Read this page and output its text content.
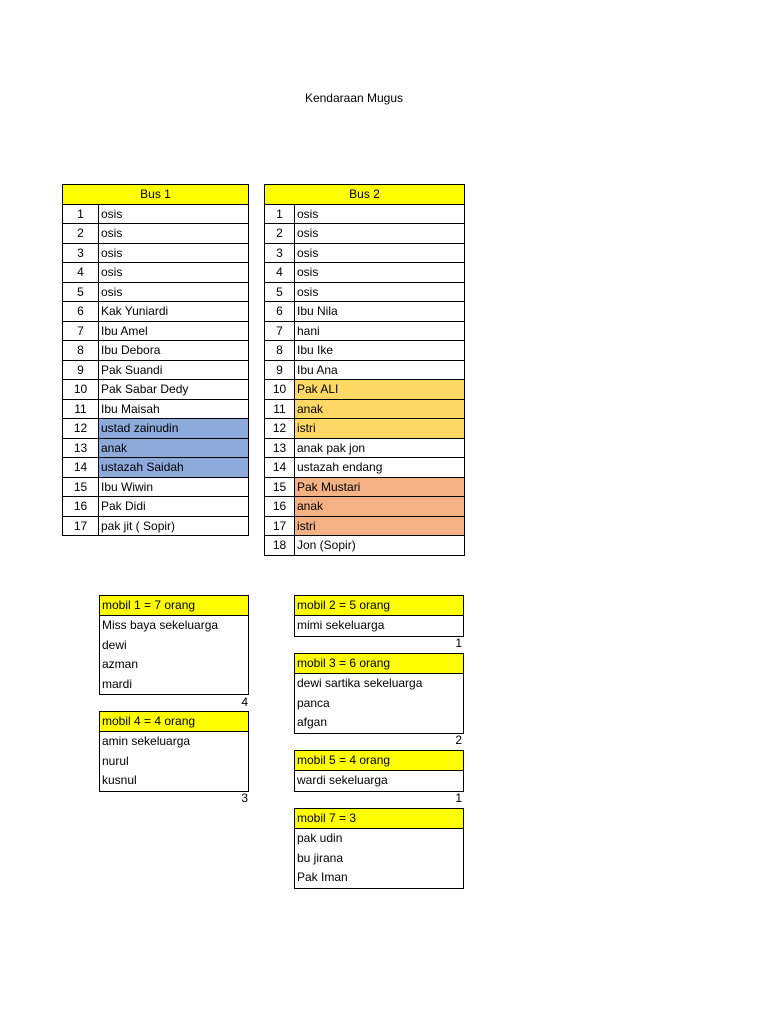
Kendaraan Mugus
Bus 1	
1	osis
2	osis
3	osis
4	osis
5	osis
6	Kak Yuniardi
7	Ibu Amel
8	Ibu Debora
9	Pak Suandi
10	Pak Sabar Dedy
11	Ibu Maisah
12	ustad zainudin
13	anak
14	ustazah Saidah
15	Ibu Wiwin
16	Pak Didi
17	pak jit ( Sopir)
Bus 2	
1	osis
2	osis
3	osis
4	osis
5	osis
6	Ibu Nila
7	hani
8	Ibu Ike
9	Ibu Ana
10	Pak ALI
11	anak
12	istri
13	anak pak jon
14	ustazah endang
15	Pak Mustari
16	anak
17	istri
18	Jon (Sopir)
mobil 1 = 7 orang
Miss baya sekeluarga
dewi
azman
mardi
4
mobil 4 = 4 orang
amin sekeluarga
nurul
kusnul
3
mobil 2 = 5 orang
mimi sekeluarga
1
mobil 3 = 6 orang
dewi sartika sekeluarga
panca
afgan
2
mobil 5 = 4 orang
wardi sekeluarga
1
mobil 7 = 3
pak udin
bu jirana
Pak Iman
